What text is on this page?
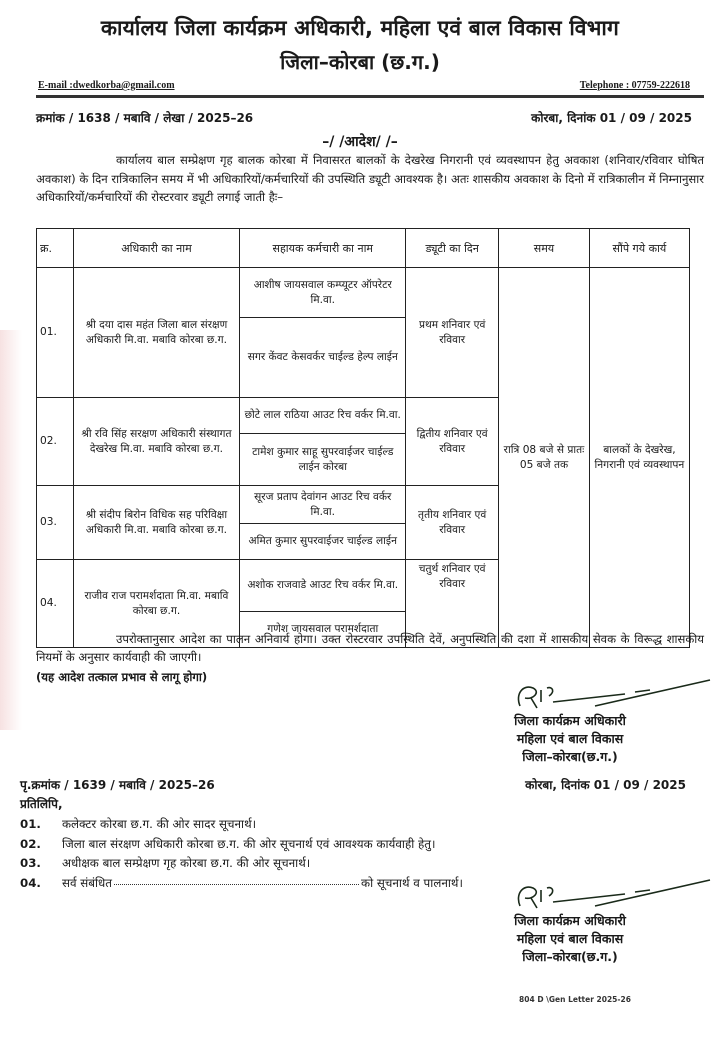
कार्यालय जिला कार्यक्रम अधिकारी, महिला एवं बाल विकास विभाग
जिला–कोरबा (छ.ग.)
E-mail :dwedkorba@gmail.com	Telephone : 07759-222618
क्रमांक / 1638 / मबावि / लेखा / 2025–26	कोरबा, दिनांक 01 / 09 / 2025
–/ /आदेश/ /–
कार्यालय बाल सम्प्रेक्षण गृह बालक कोरबा में निवासरत बालकों के देखरेख निगरानी एवं व्यवस्थापन हेतु अवकाश (शनिवार/रविवार घोषित अवकाश) के दिन रात्रिकालिन समय में भी अधिकारियों/कर्मचारियों की उपस्थिति ड्यूटी आवश्यक है। अतः शासकीय अवकाश के दिनो में रात्रिकालीन में निम्नानुसार अधिकारियों/कर्मचारियों की रोस्टरवार ड्यूटी लगाई जाती हैः–
क्र.	अधिकारी का नाम	सहायक कर्मचारी का नाम	ड्यूटी का दिन	समय	सौंपे गये कार्य
01.	श्री दया दास महंत जिला बाल संरक्षण अधिकारी मि.वा. मबावि कोरबा छ.ग.	आशीष जायसवाल कम्प्यूटर ऑपरेटर मि.वा.	प्रथम शनिवार एवं रविवार	रात्रि 08 बजे से प्रातः 05 बजे तक	बालकों के देखरेख, निगरानी एवं व्यवस्थापन
		सगर केंवट केसवर्कर चाईल्ड हेल्प लाईन			
02.	श्री रवि सिंह सरक्षण अधिकारी संस्थागत देखरेख मि.वा. मबावि कोरबा छ.ग.	छोटे लाल राठिया आउट रिच वर्कर मि.वा.	द्वितीय शनिवार एवं रविवार		
		टामेश कुमार साहू सुपरवाईजर चाईल्ड लाईन कोरबा			
03.	श्री संदीप बिरोन विधिक सह परिविक्षा अधिकारी मि.वा. मबावि कोरबा छ.ग.	सूरज प्रताप देवांगन आउट रिच वर्कर मि.वा.	तृतीय शनिवार एवं रविवार		
		अमित कुमार सुपरवाईजर चाईल्ड लाईन			
04.	राजीव राज परामर्शदाता मि.वा. मबावि कोरबा छ.ग.	अशोक राजवाडे आउट रिच वर्कर मि.वा.	चतुर्थ शनिवार एवं रविवार		
		गणेश जायसवाल परामर्शदाता			
उपरोक्तानुसार आदेश का पालन अनिवार्य होगा। उक्त रोस्टरवार उपस्थिति देवें, अनुपस्थिति की दशा में शासकीय सेवक के विरूद्ध शासकीय नियमों के अनुसार कार्यवाही की जाएगी।
(यह आदेश तत्काल प्रभाव से लागू होगा)
जिला कार्यक्रम अधिकारी
महिला एवं बाल विकास
जिला–कोरबा(छ.ग.)
पृ.क्रमांक / 1639 / मबावि / 2025–26	कोरबा, दिनांक 01 / 09 / 2025
प्रतिलिपि,
01.	कलेक्टर कोरबा छ.ग. की ओर सादर सूचनार्थ।
02.	जिला बाल संरक्षण अधिकारी कोरबा छ.ग. की ओर सूचनार्थ एवं आवश्यक कार्यवाही हेतु।
03.	अधीक्षक बाल सम्प्रेक्षण गृह कोरबा छ.ग. की ओर सूचनार्थ।
04.	सर्व संबंधित	को सूचनार्थ व पालनार्थ।
जिला कार्यक्रम अधिकारी
महिला एवं बाल विकास
जिला–कोरबा(छ.ग.)
804 D \Gen Letter 2025-26
